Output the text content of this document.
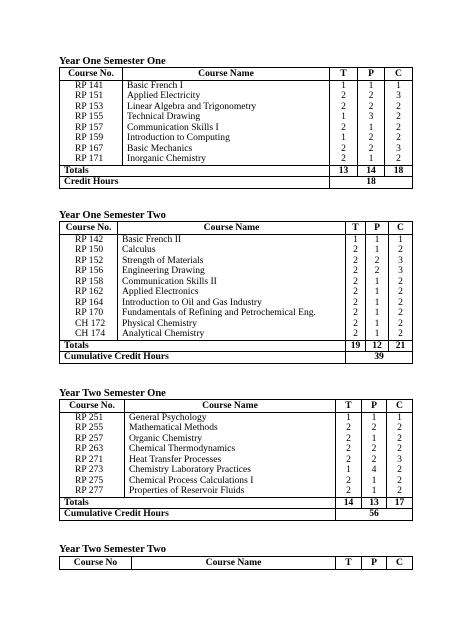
Year One Semester One
Course No.	Course Name	T	P	C
RP 141	Basic French I	1	1	1
RP 151	Applied Electricity	2	2	3
RP 153	Linear Algebra and Trigonometry	2	2	2
RP 155	Technical Drawing	1	3	2
RP 157	Communication Skills I	2	1	2
RP 159	Introduction to Computing	1	2	2
RP 167	Basic Mechanics	2	2	3
RP 171	Inorganic Chemistry	2	1	2
Totals		13	14	18
Credit Hours		18		
Year One Semester Two
Course No.	Course Name	T	P	C
RP 142	Basic French II	1	1	1
RP 150	Calculus	2	1	2
RP 152	Strength of Materials	2	2	3
RP 156	Engineering Drawing	2	2	3
RP 158	Communication Skills II	2	1	2
RP 162	Applied Electronics	2	1	2
RP 164	Introduction to Oil and Gas Industry	2	1	2
RP 170	Fundamentals of Refining and Petrochemical Eng.	2	1	2
CH 172	Physical Chemistry	2	1	2
CH 174	Analytical Chemistry	2	1	2
Totals		19	12	21
Cumulative Credit Hours		39		
Year Two Semester One
Course No.	Course Name	T	P	C
RP 251	General Psychology	1	1	1
RP 255	Mathematical Methods	2	2	2
RP 257	Organic Chemistry	2	1	2
RP 263	Chemical Thermodynamics	2	2	2
RP 271	Heat Transfer Processes	2	2	3
RP 273	Chemistry Laboratory Practices	1	4	2
RP 275	Chemical Process Calculations I	2	1	2
RP 277	Properties of Reservoir Fluids	2	1	2
Totals		14	13	17
Cumulative Credit Hours		56		
Year Two Semester Two
Course No	Course Name	T	P	C
